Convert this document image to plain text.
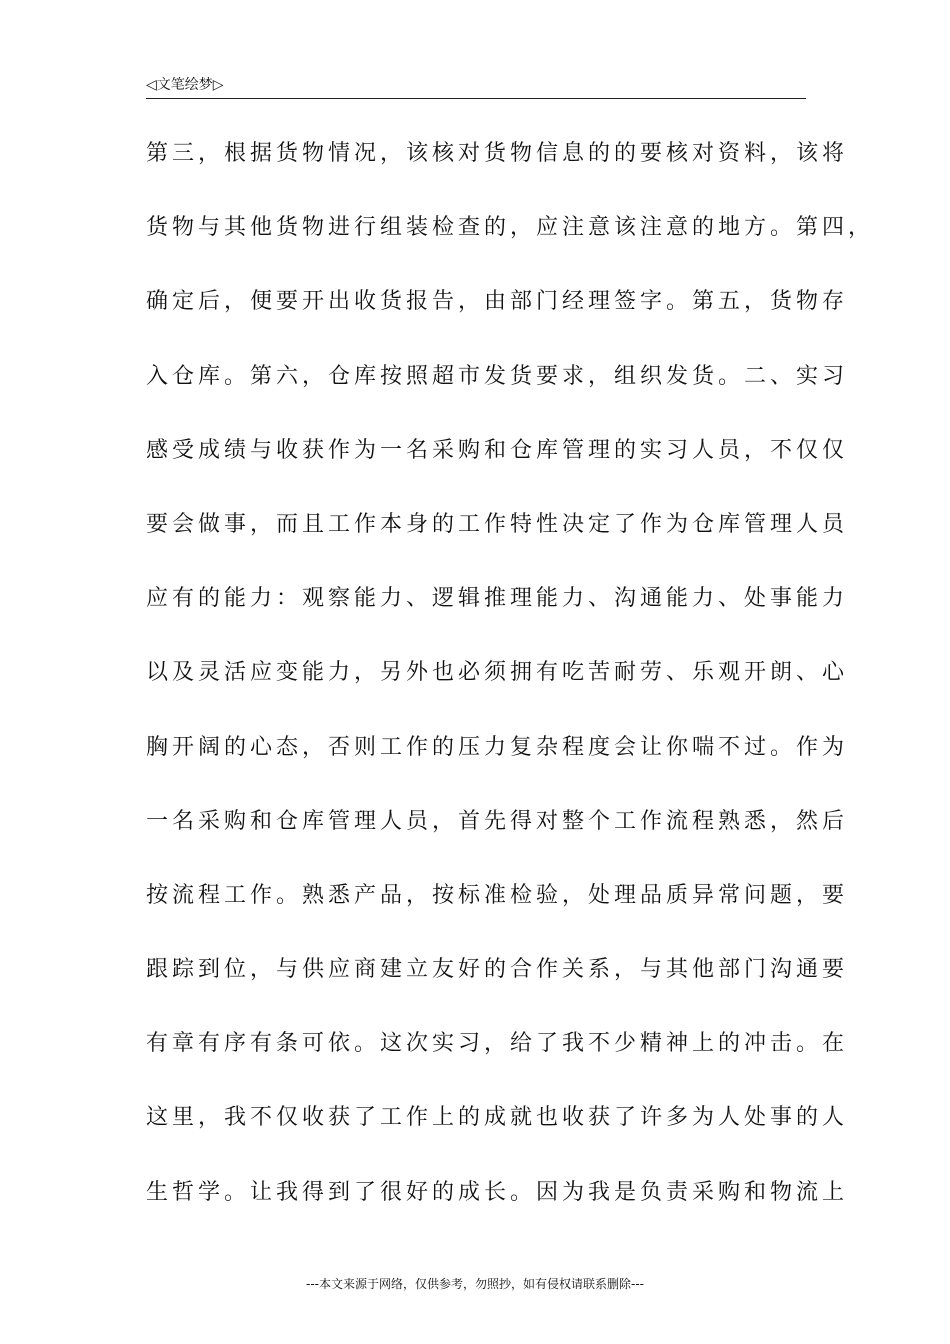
◁文笔绘梦▷
第三，根据货物情况，该核对货物信息的的要核对资料，该将
货物与其他货物进行组装检查的，应注意该注意的地方。第四，
确定后，便要开出收货报告，由部门经理签字。第五，货物存
入仓库。第六，仓库按照超市发货要求，组织发货。二、实习
感受成绩与收获作为一名采购和仓库管理的实习人员，不仅仅
要会做事，而且工作本身的工作特性决定了作为仓库管理人员
应有的能力：观察能力、逻辑推理能力、沟通能力、处事能力
以及灵活应变能力，另外也必须拥有吃苦耐劳、乐观开朗、心
胸开阔的心态，否则工作的压力复杂程度会让你喘不过。作为
一名采购和仓库管理人员，首先得对整个工作流程熟悉，然后
按流程工作。熟悉产品，按标准检验，处理品质异常问题，要
跟踪到位，与供应商建立友好的合作关系，与其他部门沟通要
有章有序有条可依。这次实习，给了我不少精神上的冲击。在
这里，我不仅收获了工作上的成就也收获了许多为人处事的人
生哲学。让我得到了很好的成长。因为我是负责采购和物流上
---本文来源于网络，仅供参考，勿照抄，如有侵权请联系删除---
